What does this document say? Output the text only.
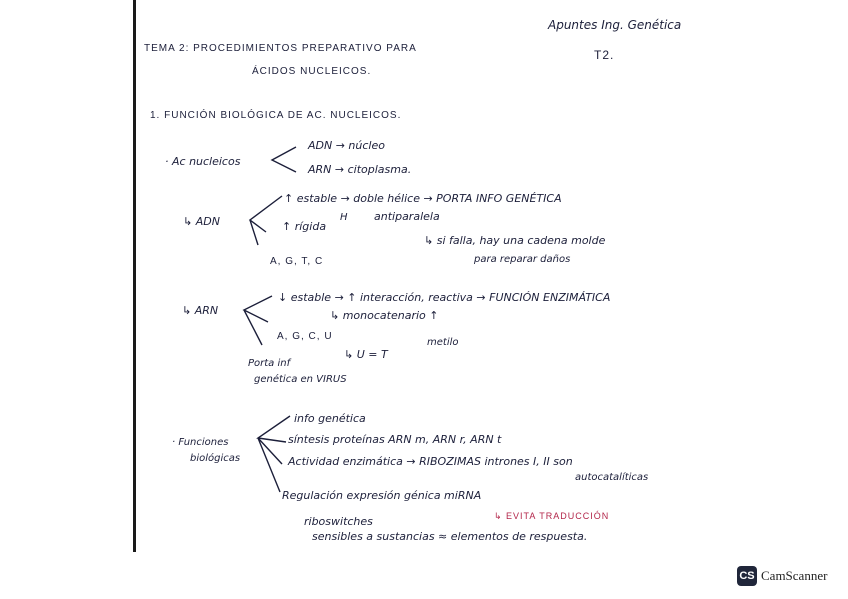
Apuntes Ing. Genética
T2.
TEMA 2: PROCEDIMIENTOS PREPARATIVO PARA
ÁCIDOS NUCLEICOS.
1. FUNCIÓN BIOLÓGICA DE AC. NUCLEICOS.
· Ac nucleicos
ADN → núcleo
ARN → citoplasma.
↳ ADN
↑ estable → doble hélice → PORTA INFO GENÉTICA
antiparalela
↑ rígida
H
↳ si falla, hay una cadena molde
para reparar daños
A, G, T, C
↳ ARN
↓ estable → ↑ interacción, reactiva → FUNCIÓN ENZIMÁTICA
↳ monocatenario ↑
A, G, C, U
↳ U = T
metilo
Porta inf
genética en VIRUS
· Funciones
biológicas
info genética
síntesis proteínas ARN m, ARN r, ARN t
Actividad enzimática → RIBOZIMAS intrones I, II son
autocatalíticas
Regulación expresión génica miRNA
↳ EVITA TRADUCCIÓN
riboswitches
sensibles a sustancias ≈ elementos de respuesta.
CS CamScanner
